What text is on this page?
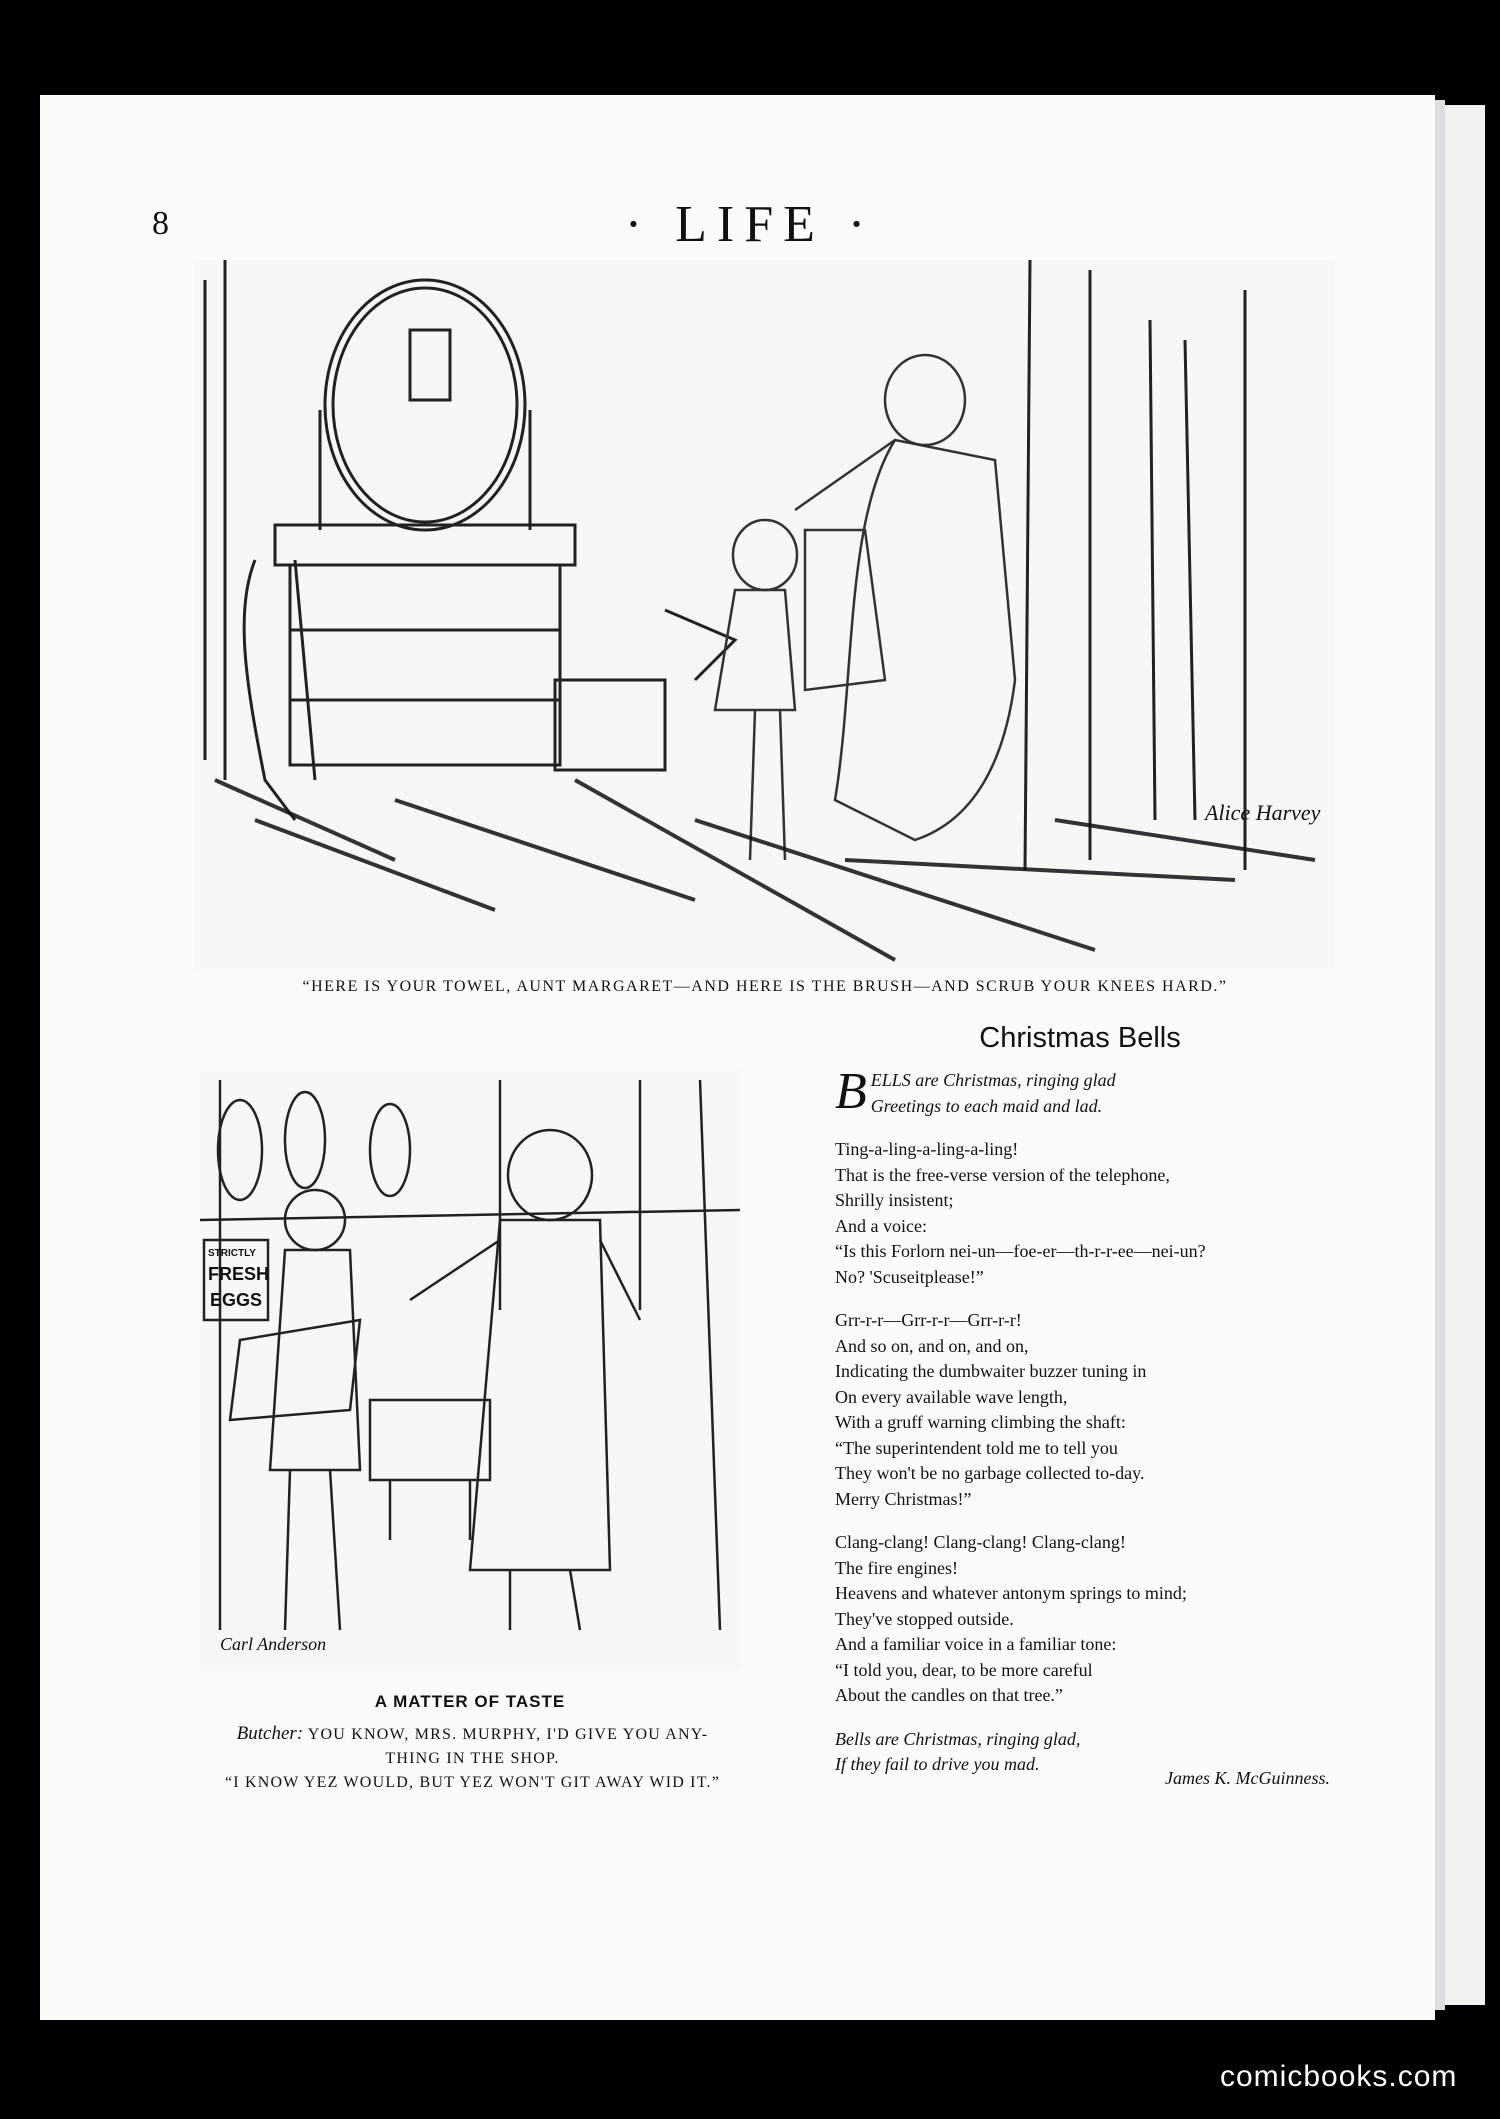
8	· LIFE ·
Alice Harvey
“HERE IS YOUR TOWEL, AUNT MARGARET—AND HERE IS THE BRUSH—AND SCRUB YOUR KNEES HARD.”
STRICTLY
FRESH
EGGS
Carl Anderson
A MATTER OF TASTE
Butcher: YOU KNOW, MRS. MURPHY, I'D GIVE YOU ANY-
THING IN THE SHOP.
“I KNOW YEZ WOULD, BUT YEZ WON'T GIT AWAY WID IT.”
Christmas Bells
B ELLS are Christmas, ringing glad
Greetings to each maid and lad.
Ting-a-ling-a-ling-a-ling!
That is the free-verse version of the telephone,
Shrilly insistent;
And a voice:
“Is this Forlorn nei-un—foe-er—th-r-r-ee—nei-un?
No? 'Scuseitplease!”
Grr-r-r—Grr-r-r—Grr-r-r!
And so on, and on, and on,
Indicating the dumbwaiter buzzer tuning in
On every available wave length,
With a gruff warning climbing the shaft:
“The superintendent told me to tell you
They won't be no garbage collected to-day.
Merry Christmas!”
Clang-clang! Clang-clang! Clang-clang!
The fire engines!
Heavens and whatever antonym springs to mind;
They've stopped outside.
And a familiar voice in a familiar tone:
“I told you, dear, to be more careful
About the candles on that tree.”
Bells are Christmas, ringing glad,
If they fail to drive you mad.
James K. McGuinness.
comicbooks.com
